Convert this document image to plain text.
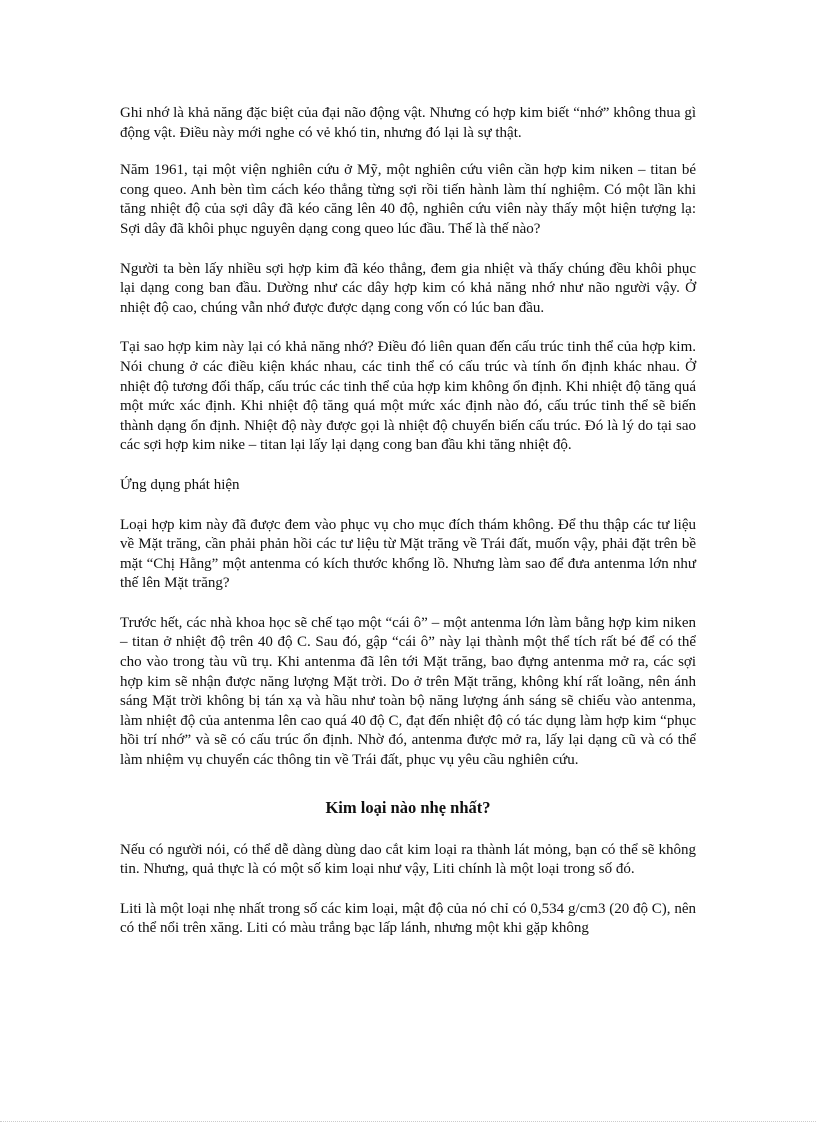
Ghi nhớ là khả năng đặc biệt của đại não động vật. Nhưng có hợp kim biết “nhớ” không thua gì động vật. Điều này mới nghe có vẻ khó tin, nhưng đó lại là sự thật.

Năm 1961, tại một viện nghiên cứu ở Mỹ, một nghiên cứu viên cần hợp kim niken – titan bé cong queo. Anh bèn tìm cách kéo thẳng từng sợi rồi tiến hành làm thí nghiệm. Có một lần khi tăng nhiệt độ của sợi dây đã kéo căng lên 40 độ, nghiên cứu viên này thấy một hiện tượng lạ: Sợi dây đã khôi phục nguyên dạng cong queo lúc đầu. Thế là thế nào?

Người ta bèn lấy nhiều sợi hợp kim đã kéo thẳng, đem gia nhiệt và thấy chúng đều khôi phục lại dạng cong ban đầu. Dường như các dây hợp kim có khả năng nhớ như não người vậy. Ở nhiệt độ cao, chúng vẫn nhớ được được dạng cong vốn có lúc ban đầu.

Tại sao hợp kim này lại có khả năng nhớ? Điều đó liên quan đến cấu trúc tinh thể của hợp kim. Nói chung ở các điều kiện khác nhau, các tinh thể có cấu trúc và tính ổn định khác nhau. Ở nhiệt độ tương đối thấp, cấu trúc các tinh thể của hợp kim không ổn định. Khi nhiệt độ tăng quá một mức xác định. Khi nhiệt độ tăng quá một mức xác định nào đó, cấu trúc tinh thể sẽ biến thành dạng ổn định. Nhiệt độ này được gọi là nhiệt độ chuyển biến cấu trúc. Đó là lý do tại sao các sợi hợp kim nike – titan lại lấy lại dạng cong ban đầu khi tăng nhiệt độ.

Ứng dụng phát hiện

Loại hợp kim này đã được đem vào phục vụ cho mục đích thám không. Để thu thập các tư liệu về Mặt trăng, cần phải phản hồi các tư liệu từ Mặt trăng về Trái đất, muốn vậy, phải đặt trên bề mặt “Chị Hằng” một antenma có kích thước khổng lồ. Nhưng làm sao để đưa antenma lớn như thế lên Mặt trăng?

Trước hết, các nhà khoa học sẽ chế tạo một “cái ô” – một antenma lớn làm bằng hợp kim niken – titan ở nhiệt độ trên 40 độ C. Sau đó, gập “cái ô” này lại thành một thể tích rất bé để có thể cho vào trong tàu vũ trụ. Khi antenma đã lên tới Mặt trăng, bao đựng antenma mở ra, các sợi hợp kim sẽ nhận được năng lượng Mặt trời. Do ở trên Mặt trăng, không khí rất loãng, nên ánh sáng Mặt trời không bị tán xạ và hầu như toàn bộ năng lượng ánh sáng sẽ chiếu vào antenma, làm nhiệt độ của antenma lên cao quá 40 độ C, đạt đến nhiệt độ có tác dụng làm hợp kim “phục hồi trí nhớ” và sẽ có cấu trúc ổn định. Nhờ đó, antenma được mở ra, lấy lại dạng cũ và có thể làm nhiệm vụ chuyển các thông tin về Trái đất, phục vụ yêu cầu nghiên cứu.

Kim loại nào nhẹ nhất?

Nếu có người nói, có thể dễ dàng dùng dao cắt kim loại ra thành lát mỏng, bạn có thể sẽ không tin. Nhưng, quả thực là có một số kim loại như vậy, Liti chính là một loại trong số đó.

Liti là một loại nhẹ nhất trong số các kim loại, mật độ của nó chỉ có 0,534 g/cm3 (20 độ C), nên có thể nổi trên xăng. Liti có màu trắng bạc lấp lánh, nhưng một khi gặp không
